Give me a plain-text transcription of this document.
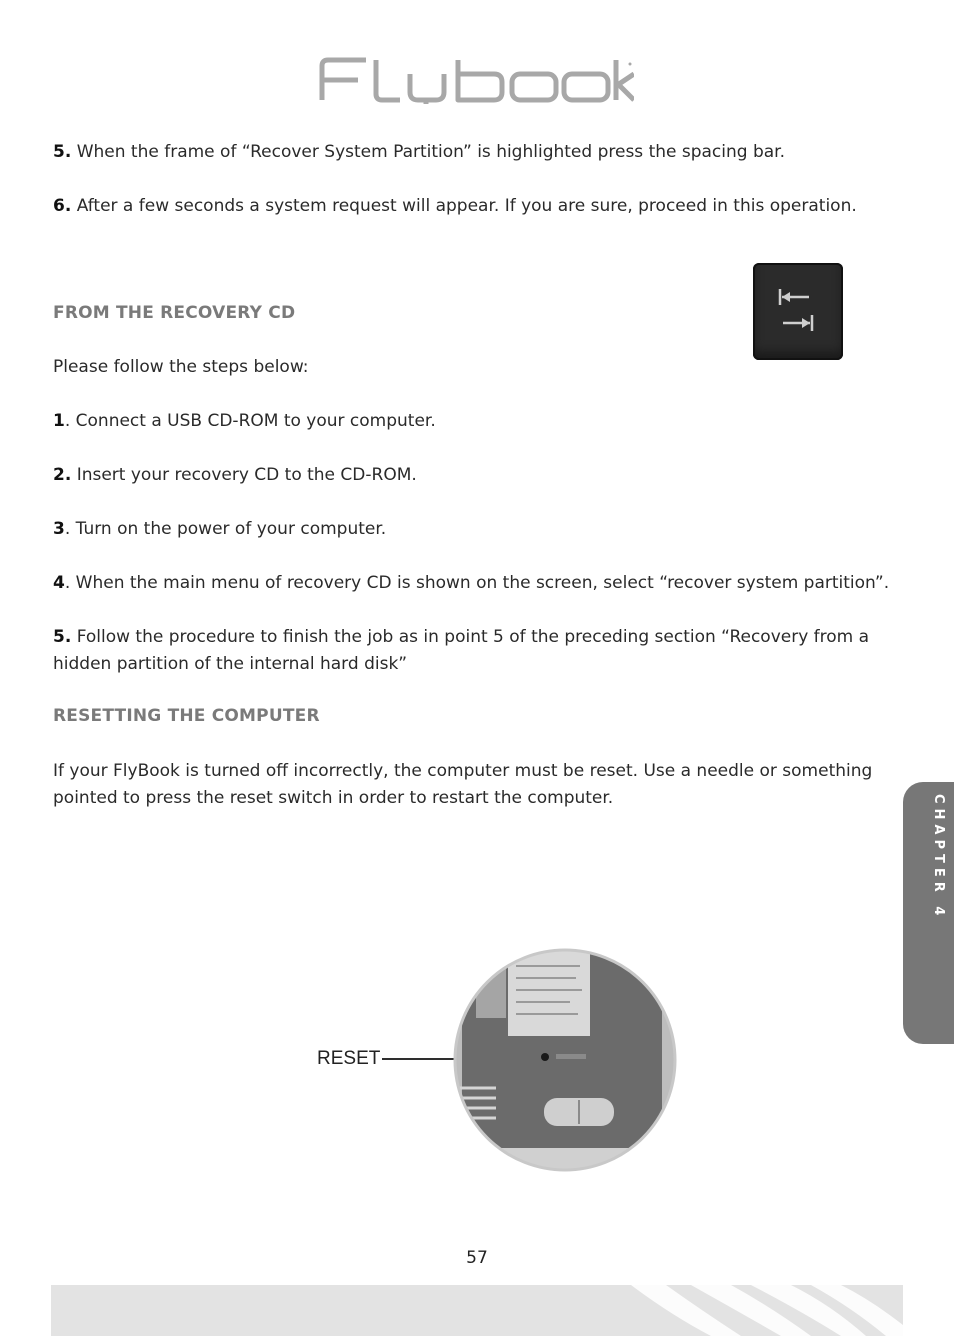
5. When the frame of “Recover System Partition” is highlighted press the spacing bar.

6. After a few seconds a system request will appear. If you are sure, proceed in this operation.

FROM THE RECOVERY CD

Please follow the steps below:

1. Connect a USB CD-ROM to your computer.

2. Insert your recovery CD to the CD-ROM.

3. Turn on the power of your computer.

4. When the main menu of recovery CD is shown on the screen, select “recover system partition”.

5. Follow the procedure to finish the job as in point 5 of the preceding section “Recovery from a hidden partition of the internal hard disk”

RESETTING THE COMPUTER

If your FlyBook is turned off incorrectly, the computer must be reset. Use a needle or something pointed to press the reset switch in order to restart the computer.	CHAPTER 4
RESET
57
